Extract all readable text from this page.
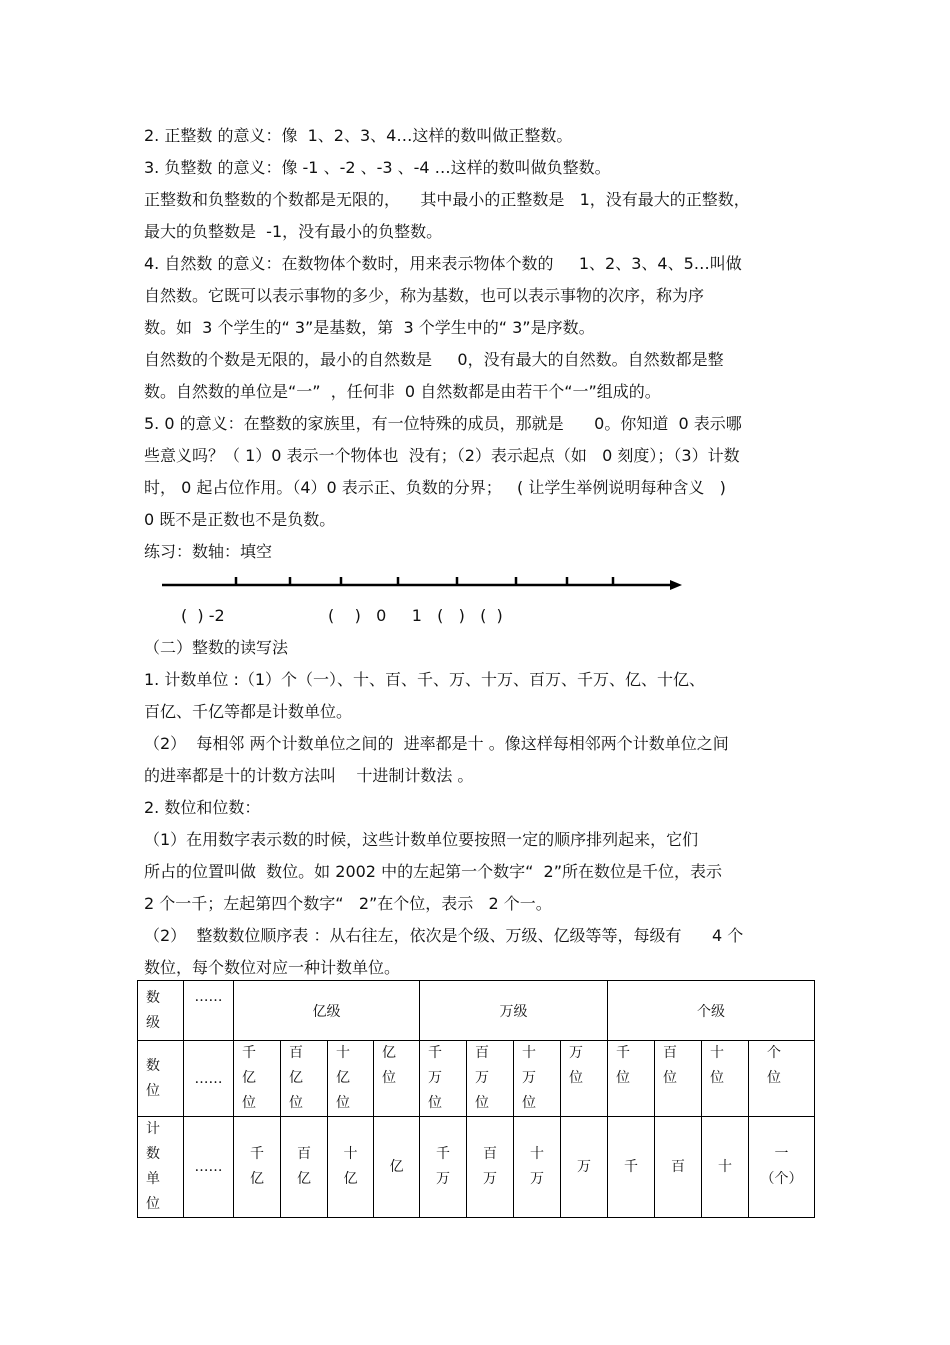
2. 正整数 的意义：像  1、2、3、4…这样的数叫做正整数。
3. 负整数 的意义：像 -1 、-2 、-3 、-4 …这样的数叫做负整数。
正整数和负整数的个数都是无限的，    其中最小的正整数是   1，没有最大的正整数，
最大的负整数是  -1，没有最小的负整数。
4. 自然数 的意义：在数物体个数时，用来表示物体个数的     1、2、3、4、5…叫做
自然数。它既可以表示事物的多少，称为基数，也可以表示事物的次序，称为序
数。如  3 个学生的“ 3”是基数，第  3 个学生中的“ 3”是序数。
自然数的个数是无限的，最小的自然数是     0，没有最大的自然数。自然数都是整
数。自然数的单位是“一”  ，任何非  0 自然数都是由若干个“一”组成的。
5. 0 的意义：在整数的家族里，有一位特殊的成员，那就是      0。你知道  0 表示哪
些意义吗？（ 1）0 表示一个物体也  没有；（2）表示起点（如   0 刻度）；（3）计数
时， 0 起占位作用。（4）0 表示正、负数的分界；   ( 让学生举例说明每种含义   )
0 既不是正数也不是负数。
练习：数轴：填空
(  ) -2	(    )   0     1   (   )   (  )
（二）整数的读写法
1. 计数单位 :（1）个（一）、十、百、千、万、十万、百万、千万、亿、十亿、
百亿、千亿等都是计数单位。
（2）  每相邻 两个计数单位之间的  进率都是十 。像这样每相邻两个计数单位之间
的进率都是十的计数方法叫    十进制计数法 。
2. 数位和位数：
（1）在用数字表示数的时候，这些计数单位要按照一定的顺序排列起来，它们
所占的位置叫做  数位。如 2002 中的左起第一个数字“  2”所在数位是千位，表示
2 个一千；左起第四个数字“   2”在个位，表示   2 个一。
（2）  整数数位顺序表 ：从右往左，依次是个级、万级、亿级等等，每级有      4 个
数位，每个数位对应一种计数单位。
数
级	……	亿级				万级				个级			

数
位	……	千
亿
位	百
亿
位	十
亿
位	亿
位	千
万
位	百
万
位	十
万
位	万
位	千
位	百
位	十
位	个
位

计
数
单
位	……	千
亿	百
亿	十
亿	亿	千
万	百
万	十
万	万	千	百	十	一
（个）
